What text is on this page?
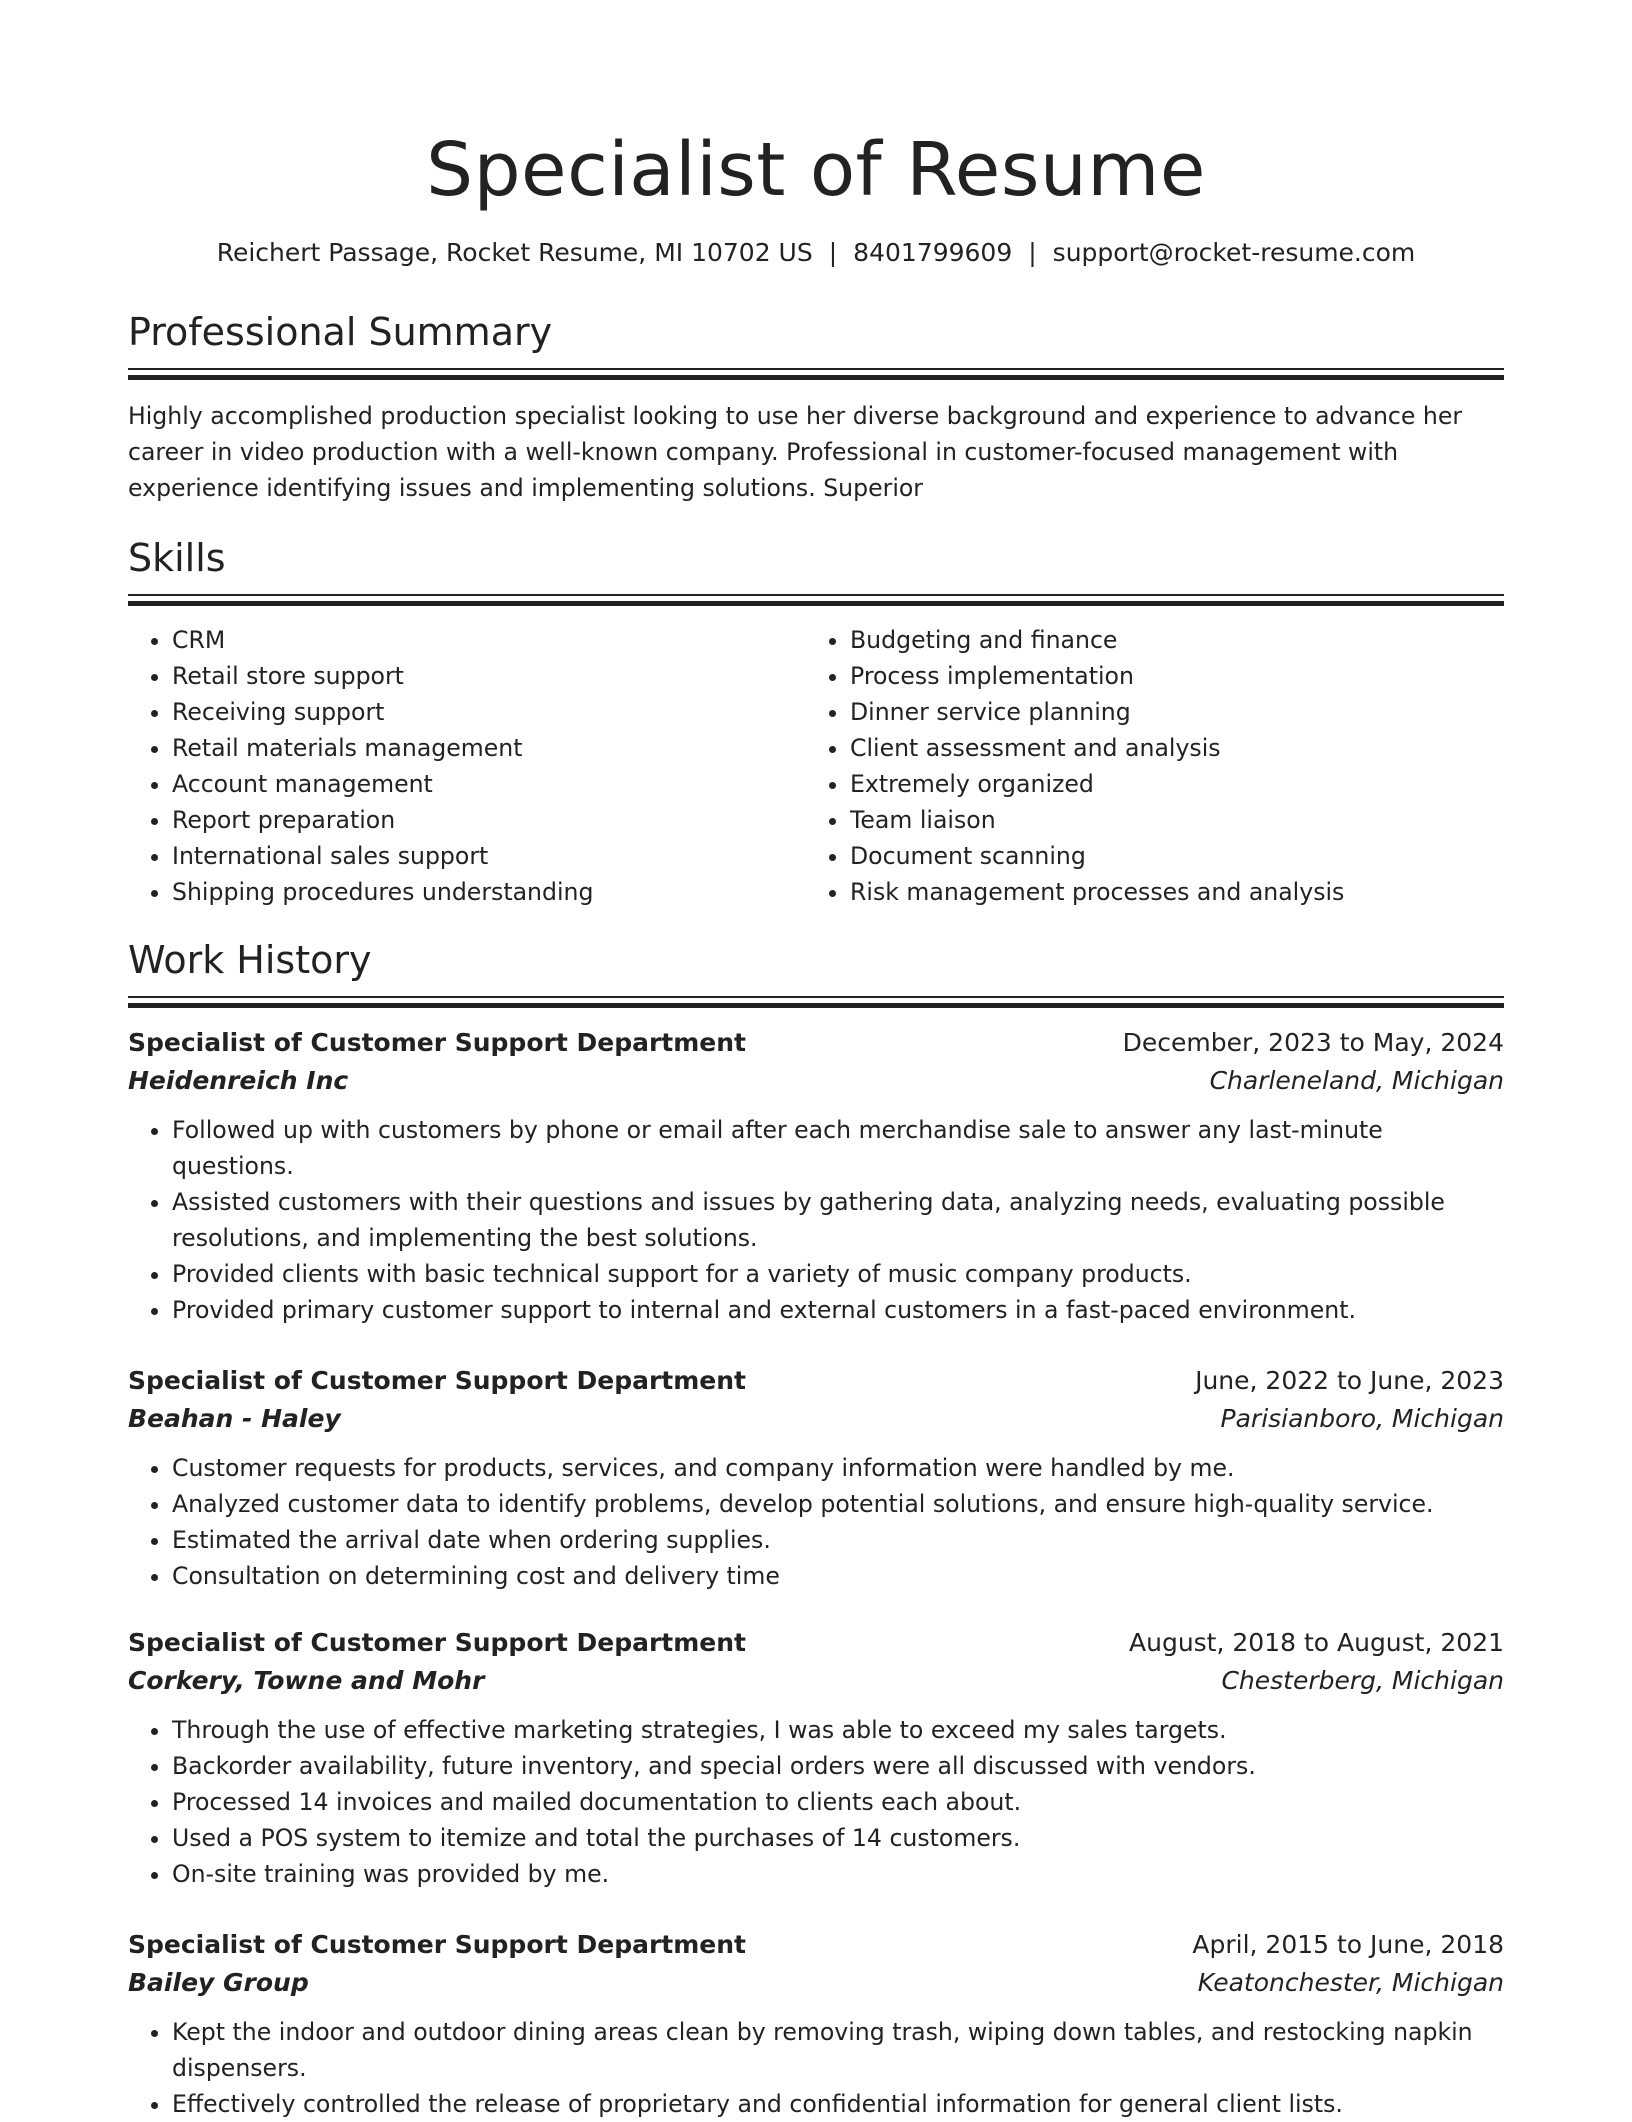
Specialist of Resume
Reichert Passage, Rocket Resume, MI 10702 US | 8401799609 | support@rocket-resume.com
Professional Summary

Highly accomplished production specialist looking to use her diverse background and experience to advance her career in video production with a well-known company. Professional in customer-focused management with experience identifying issues and implementing solutions. Superior

Skills
• CRM
• Retail store support
• Receiving support
• Retail materials management
• Account management
• Report preparation
• International sales support
• Shipping procedures understanding
• Budgeting and finance
• Process implementation
• Dinner service planning
• Client assessment and analysis
• Extremely organized
• Team liaison
• Document scanning
• Risk management processes and analysis
Work History
Specialist of Customer Support Department	December, 2023 to May, 2024
Heidenreich Inc	Charleneland, Michigan
• Followed up with customers by phone or email after each merchandise sale to answer any last-minute questions.
• Assisted customers with their questions and issues by gathering data, analyzing needs, evaluating possible resolutions, and implementing the best solutions.
• Provided clients with basic technical support for a variety of music company products.
• Provided primary customer support to internal and external customers in a fast-paced environment.
Specialist of Customer Support Department	June, 2022 to June, 2023
Beahan - Haley	Parisianboro, Michigan
• Customer requests for products, services, and company information were handled by me.
• Analyzed customer data to identify problems, develop potential solutions, and ensure high-quality service.
• Estimated the arrival date when ordering supplies.
• Consultation on determining cost and delivery time
Specialist of Customer Support Department	August, 2018 to August, 2021
Corkery, Towne and Mohr	Chesterberg, Michigan
• Through the use of effective marketing strategies, I was able to exceed my sales targets.
• Backorder availability, future inventory, and special orders were all discussed with vendors.
• Processed 14 invoices and mailed documentation to clients each about.
• Used a POS system to itemize and total the purchases of 14 customers.
• On-site training was provided by me.
Specialist of Customer Support Department	April, 2015 to June, 2018
Bailey Group	Keatonchester, Michigan
• Kept the indoor and outdoor dining areas clean by removing trash, wiping down tables, and restocking napkin dispensers.
• Effectively controlled the release of proprietary and confidential information for general client lists.
